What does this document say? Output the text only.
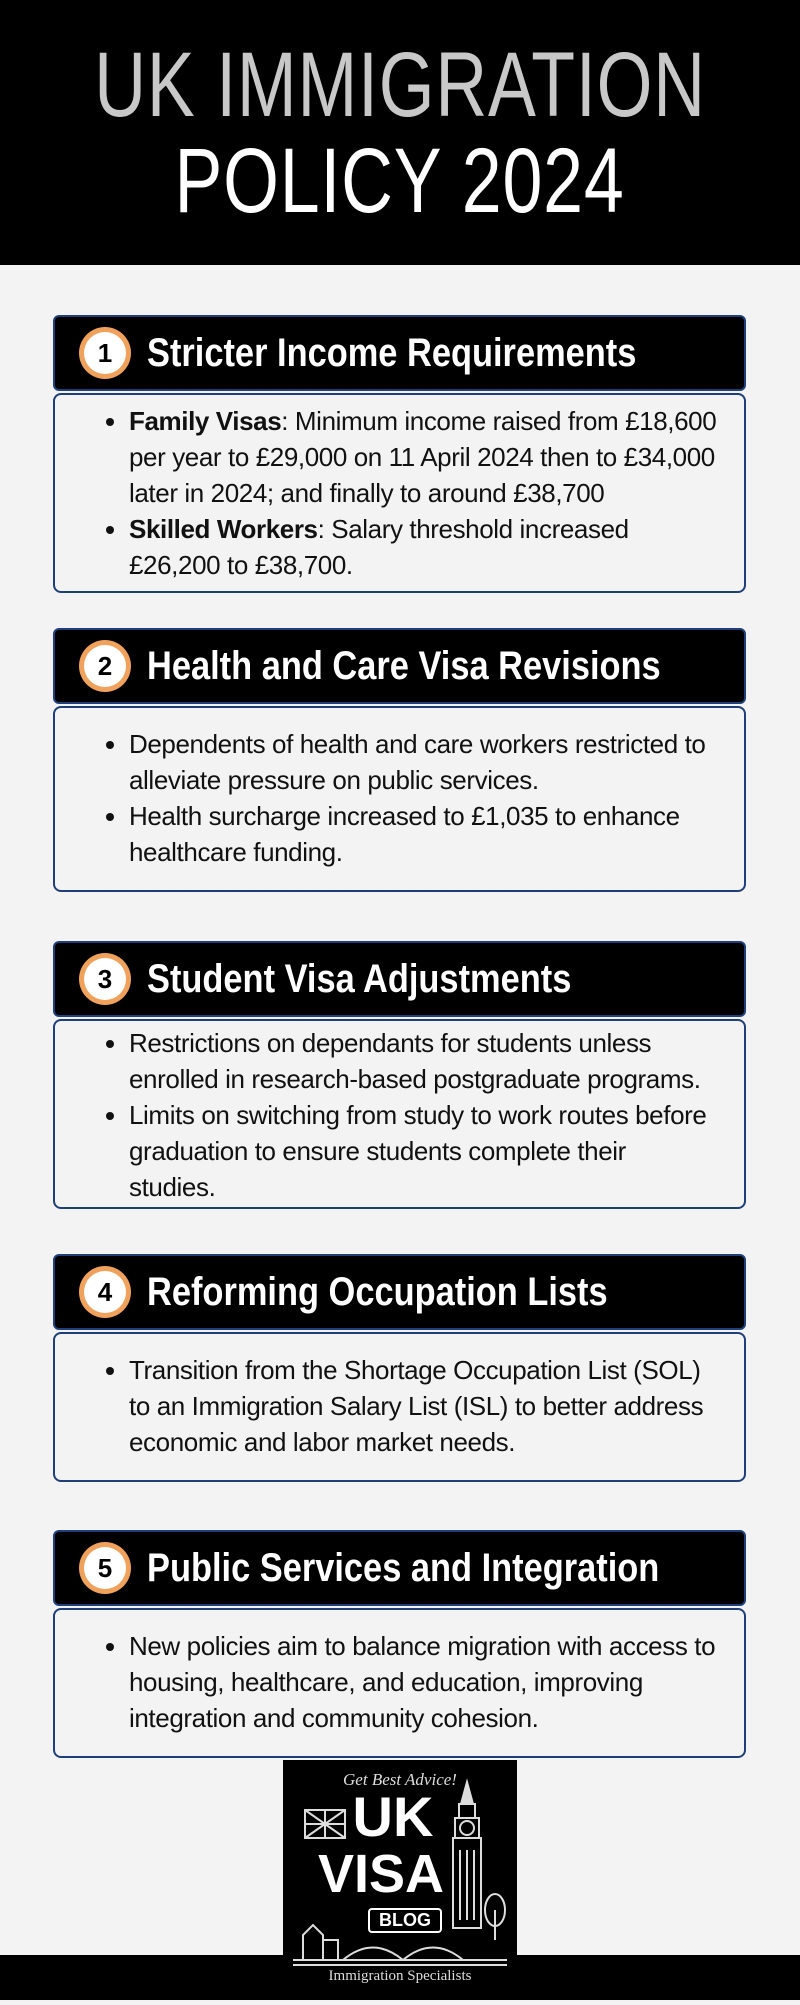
UK IMMIGRATION
POLICY 2024
1 Stricter Income Requirements
• Family Visas: Minimum income raised from £18,600 per year to £29,000 on 11 April 2024 then to £34,000 later in 2024; and finally to around £38,700
• Skilled Workers: Salary threshold increased £26,200 to £38,700.
2 Health and Care Visa Revisions
• Dependents of health and care workers restricted to alleviate pressure on public services.
• Health surcharge increased to £1,035 to enhance healthcare funding.
3 Student Visa Adjustments
• Restrictions on dependants for students unless enrolled in research-based postgraduate programs.
• Limits on switching from study to work routes before graduation to ensure students complete their studies.
4 Reforming Occupation Lists
• Transition from the Shortage Occupation List (SOL) to an Immigration Salary List (ISL) to better address economic and labor market needs.
5 Public Services and Integration
• New policies aim to balance migration with access to housing, healthcare, and education, improving integration and community cohesion.
Get Best Advice!
UK
VISA
BLOG
Immigration Specialists
